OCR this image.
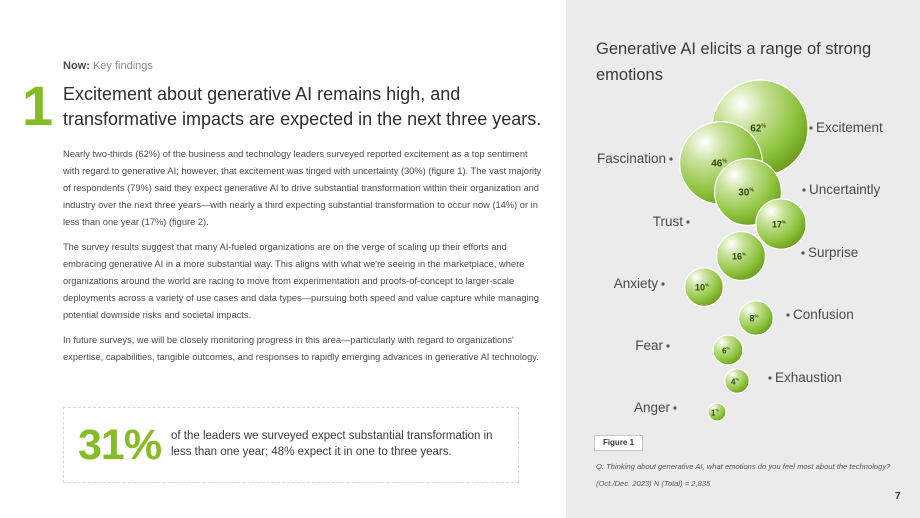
Now: Key findings
1 Excitement about generative AI remains high, and transformative impacts are expected in the next three years.

Nearly two-thirds (62%) of the business and technology leaders surveyed reported excitement as a top sentiment with regard to generative AI; however, that excitement was tinged with uncertainty (30%) (figure 1). The vast majority of respondents (79%) said they expect generative AI to drive substantial transformation within their organization and industry over the next three years—with nearly a third expecting substantial transformation to occur now (14%) or in less than one year (17%) (figure 2).

The survey results suggest that many AI-fueled organizations are on the verge of scaling up their efforts and embracing generative AI in a more substantial way. This aligns with what we're seeing in the marketplace, where organizations around the world are racing to move from experimentation and proofs-of-concept to larger-scale deployments across a variety of use cases and data types—pursuing both speed and value capture while managing potential downside risks and societal impacts.

In future surveys, we will be closely monitoring progress in this area—particularly with regard to organizations' expertise, capabilities, tangible outcomes, and responses to rapidly emerging advances in generative AI technology.

31% of the leaders we surveyed expect substantial transformation in less than one year; 48% expect it in one to three years.
Generative AI elicits a range of strong emotions
62%	Excitement
46%
Fascination
30%	Uncertaintly
17%
Trust
16%	Surprise
10%
Anxiety
8%	Confusion
6%
Fear
4%	Exhaustion
1%
Anger
Figure 1
Q: Thinking about generative AI, what emotions do you feel most about the technology? (Oct./Dec. 2023) N (Total) = 2,835
7
